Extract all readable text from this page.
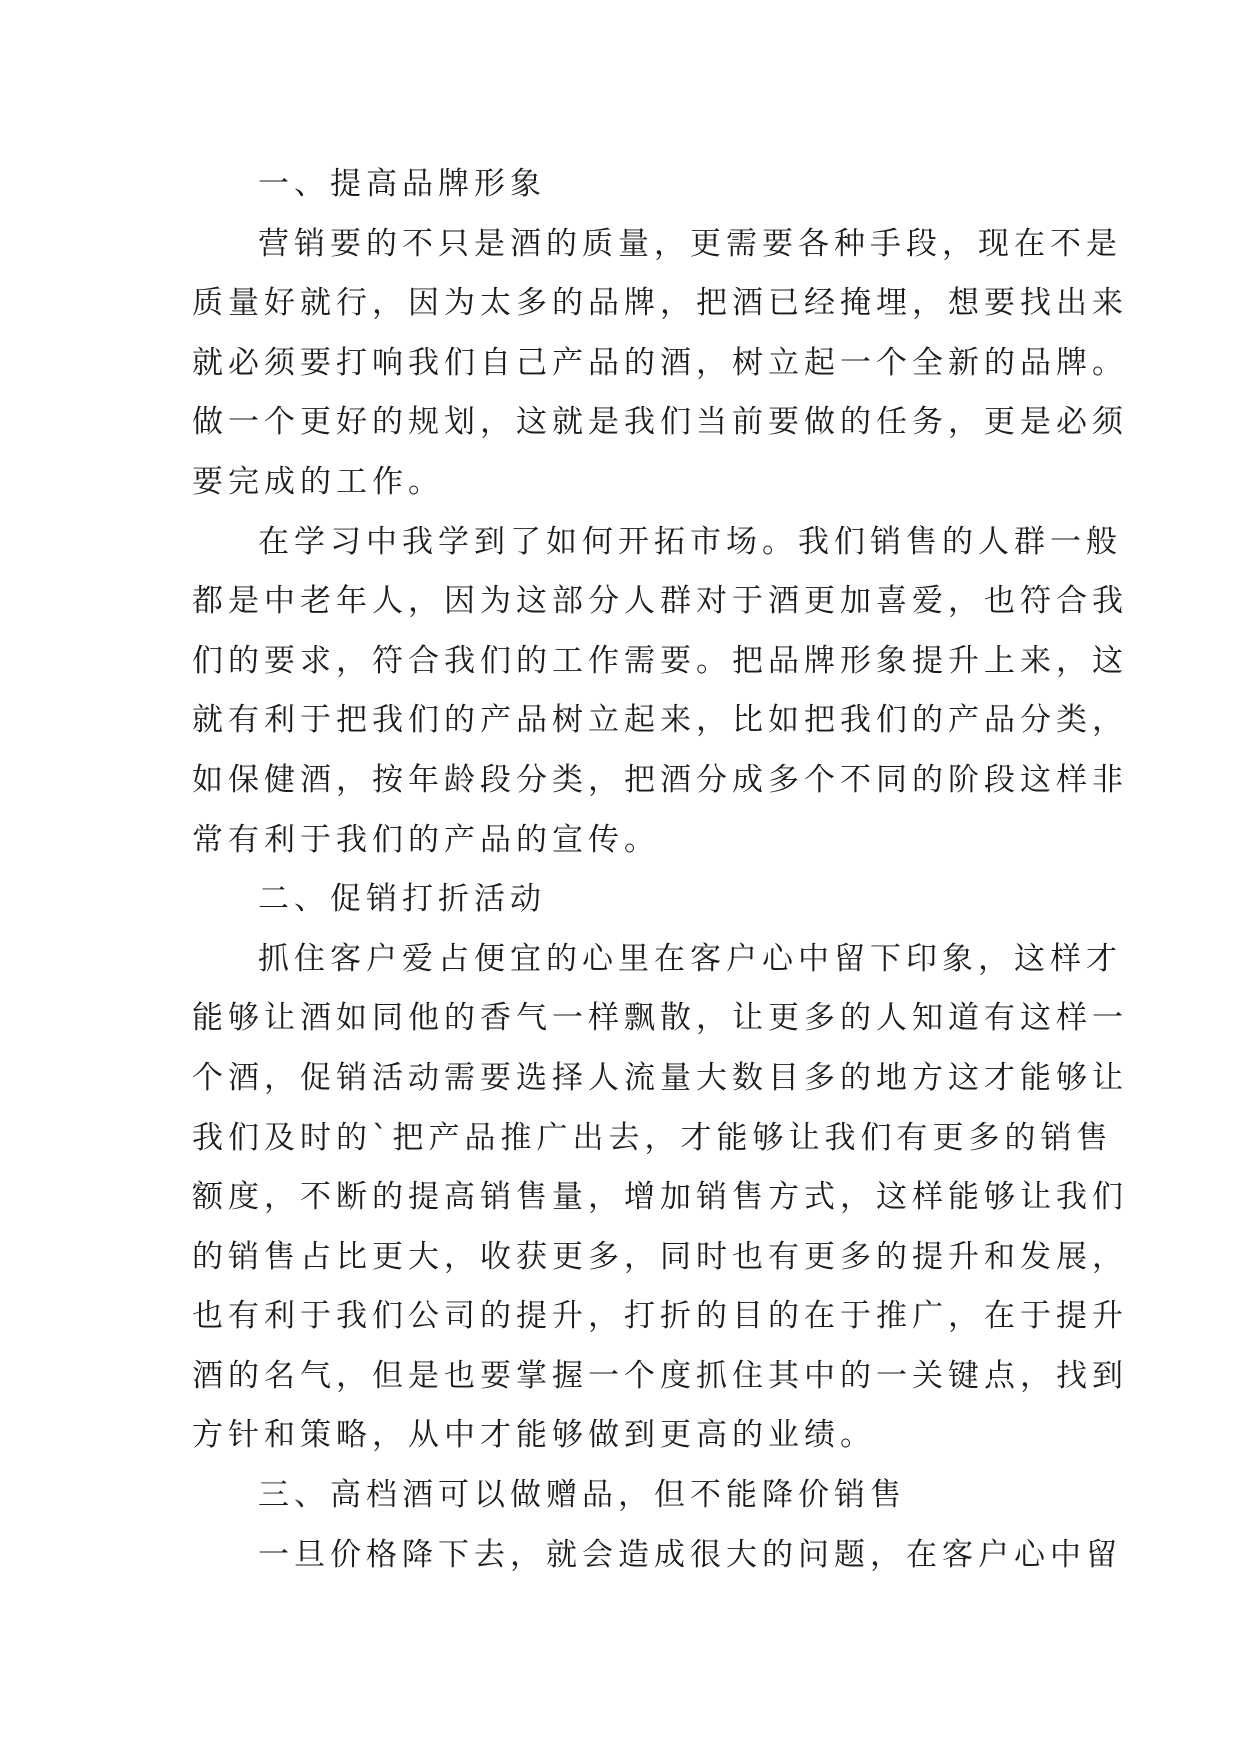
一、提高品牌形象
营销要的不只是酒的质量，更需要各种手段，现在不是
质量好就行，因为太多的品牌，把酒已经掩埋，想要找出来
就必须要打响我们自己产品的酒，树立起一个全新的品牌。
做一个更好的规划，这就是我们当前要做的任务，更是必须
要完成的工作。
在学习中我学到了如何开拓市场。我们销售的人群一般
都是中老年人，因为这部分人群对于酒更加喜爱，也符合我
们的要求，符合我们的工作需要。把品牌形象提升上来，这
就有利于把我们的产品树立起来，比如把我们的产品分类，
如保健酒，按年龄段分类，把酒分成多个不同的阶段这样非
常有利于我们的产品的宣传。
二、促销打折活动
抓住客户爱占便宜的心里在客户心中留下印象，这样才
能够让酒如同他的香气一样飘散，让更多的人知道有这样一
个酒，促销活动需要选择人流量大数目多的地方这才能够让
我们及时的`把产品推广出去，才能够让我们有更多的销售
额度，不断的提高销售量，增加销售方式，这样能够让我们
的销售占比更大，收获更多，同时也有更多的提升和发展，
也有利于我们公司的提升，打折的目的在于推广，在于提升
酒的名气，但是也要掌握一个度抓住其中的一关键点，找到
方针和策略，从中才能够做到更高的业绩。
三、高档酒可以做赠品，但不能降价销售
一旦价格降下去，就会造成很大的问题，在客户心中留
